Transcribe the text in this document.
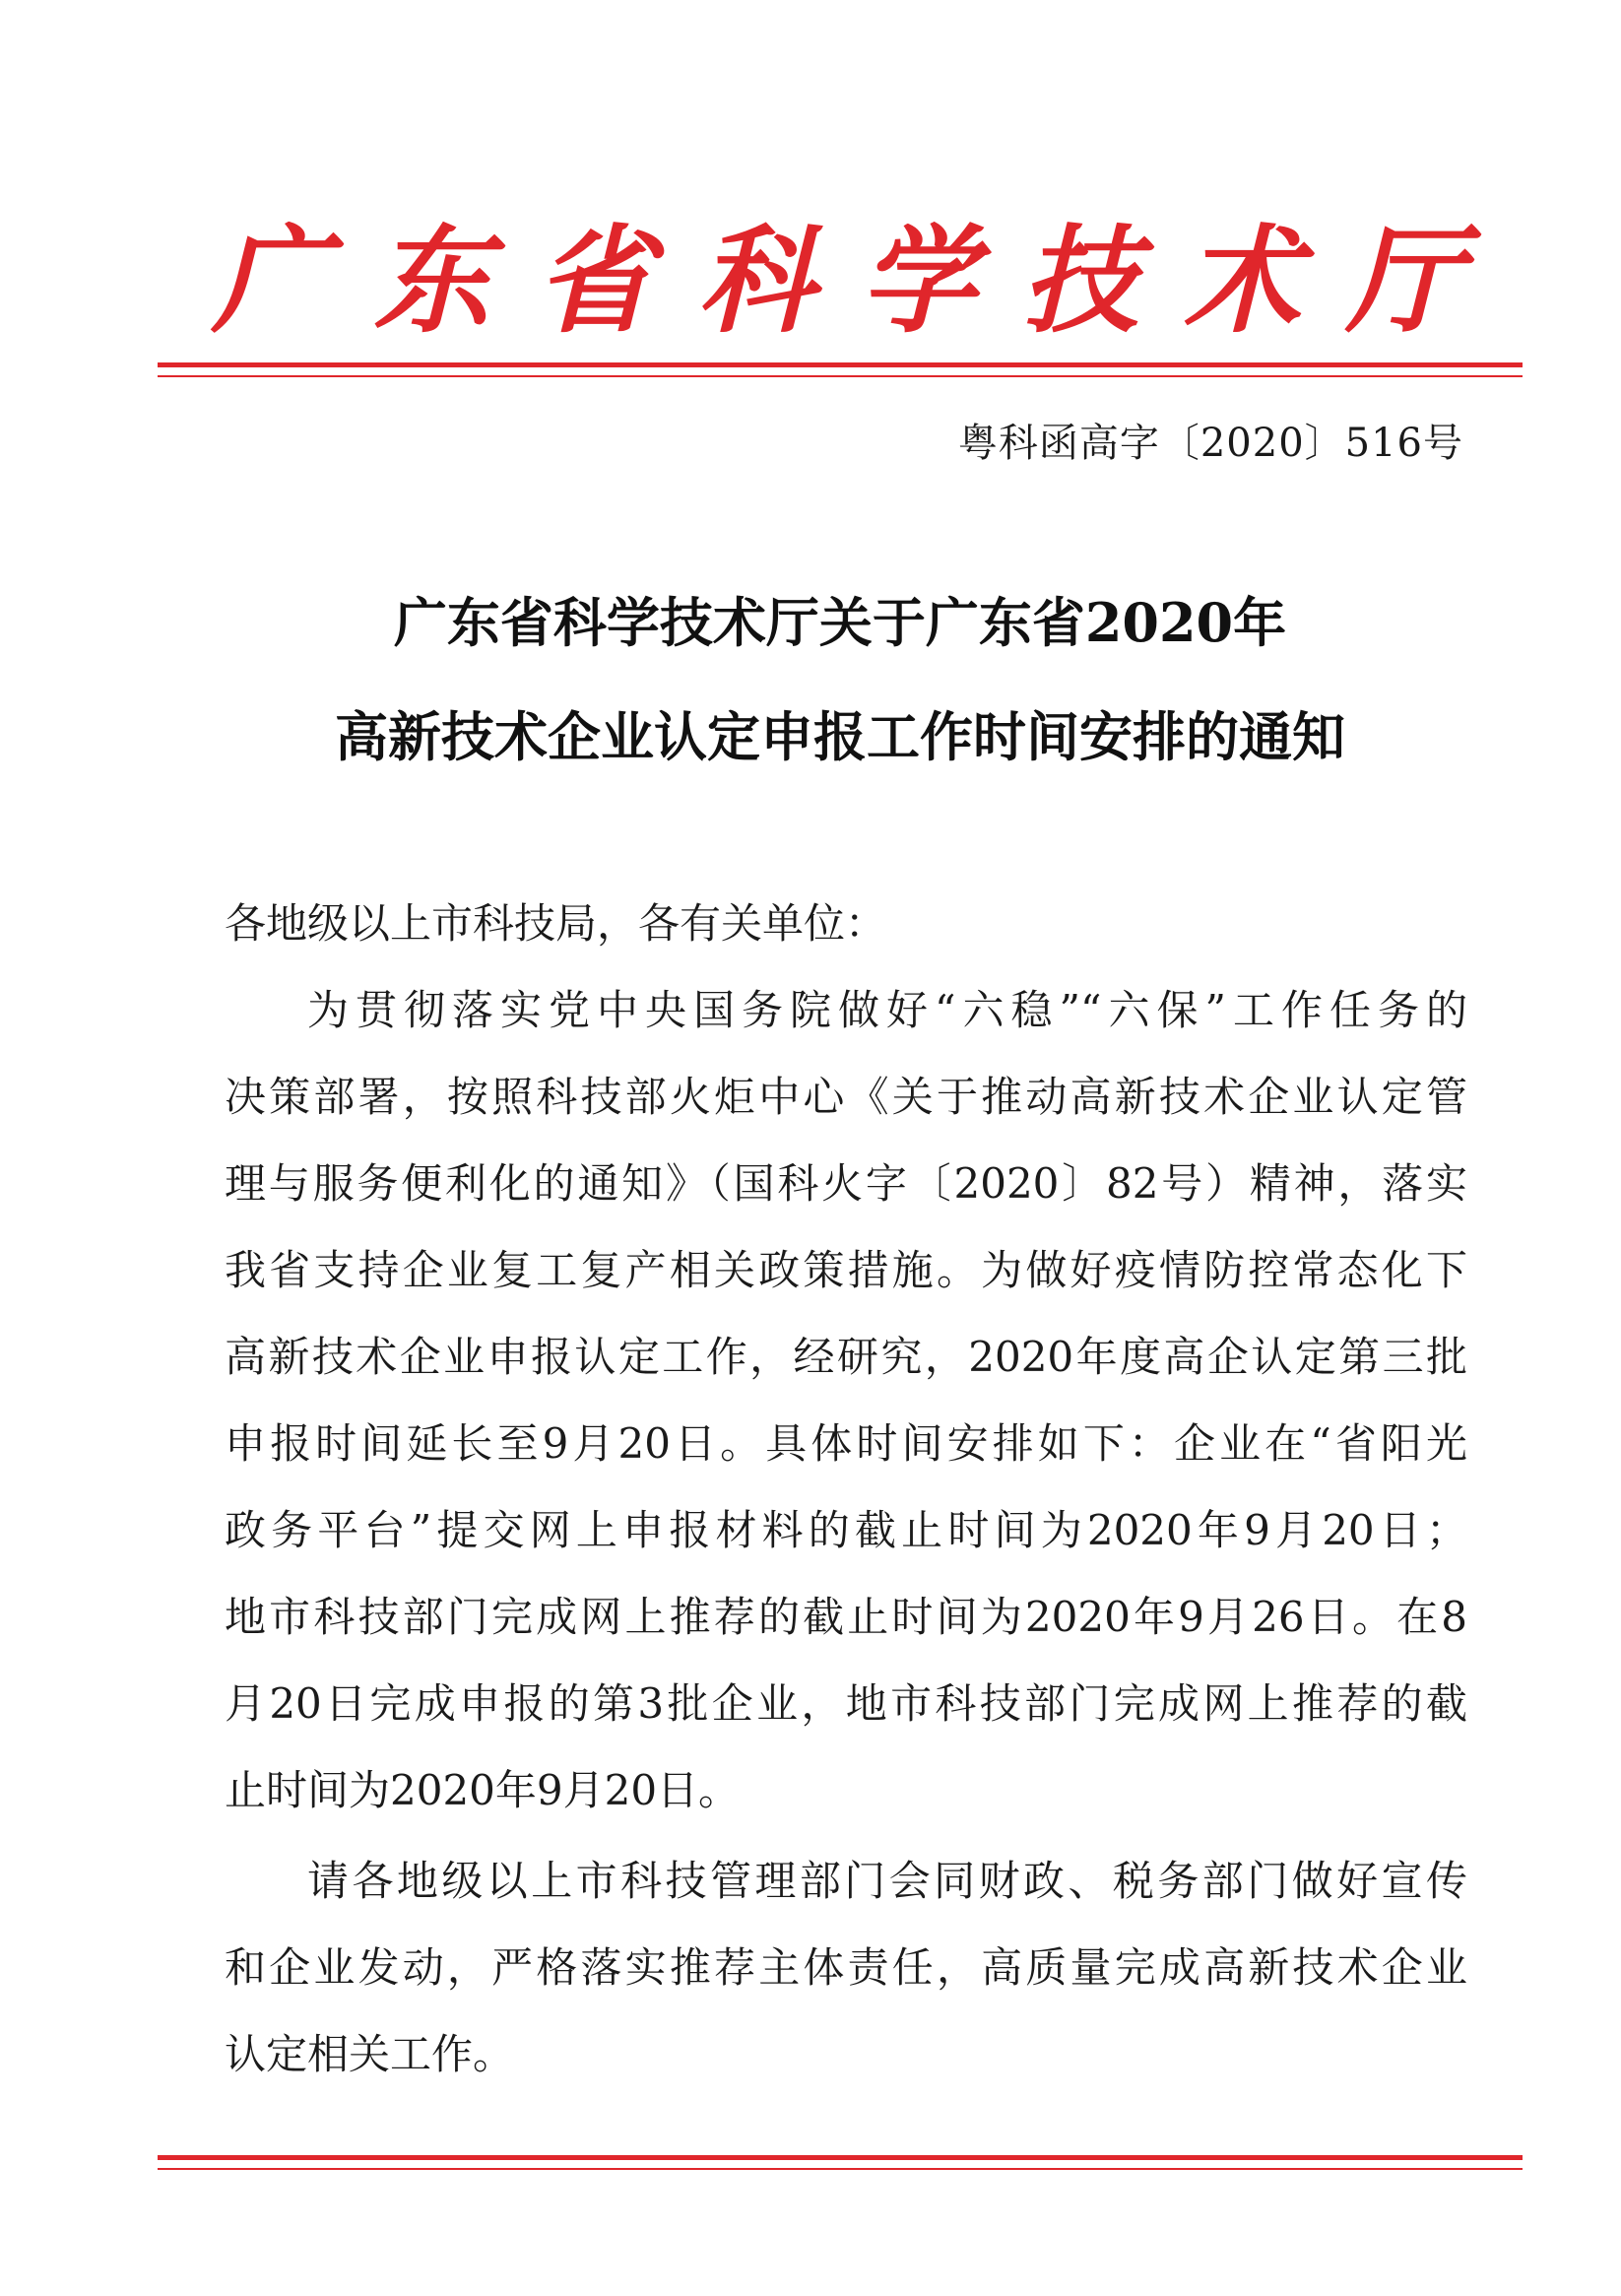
广 东 省 科 学 技 术 厅
粤科函高字〔2020〕516号
广东省科学技术厅关于广东省2020年
高新技术企业认定申报工作时间安排的通知
各地级以上市科技局，各有关单位：
为贯彻落实党中央国务院做好“六稳”“六保”工作任务的
决策部署，按照科技部火炬中心《关于推动高新技术企业认定管
理与服务便利化的通知》（国科火字〔2020〕82号）精神，落实
我省支持企业复工复产相关政策措施。为做好疫情防控常态化下
高新技术企业申报认定工作，经研究，2020年度高企认定第三批
申报时间延长至9月20日。具体时间安排如下：企业在“省阳光
政务平台”提交网上申报材料的截止时间为2020年9月20日；
地市科技部门完成网上推荐的截止时间为2020年9月26日。在8
月20日完成申报的第3批企业，地市科技部门完成网上推荐的截
止时间为2020年9月20日。
请各地级以上市科技管理部门会同财政、税务部门做好宣传
和企业发动，严格落实推荐主体责任，高质量完成高新技术企业
认定相关工作。
